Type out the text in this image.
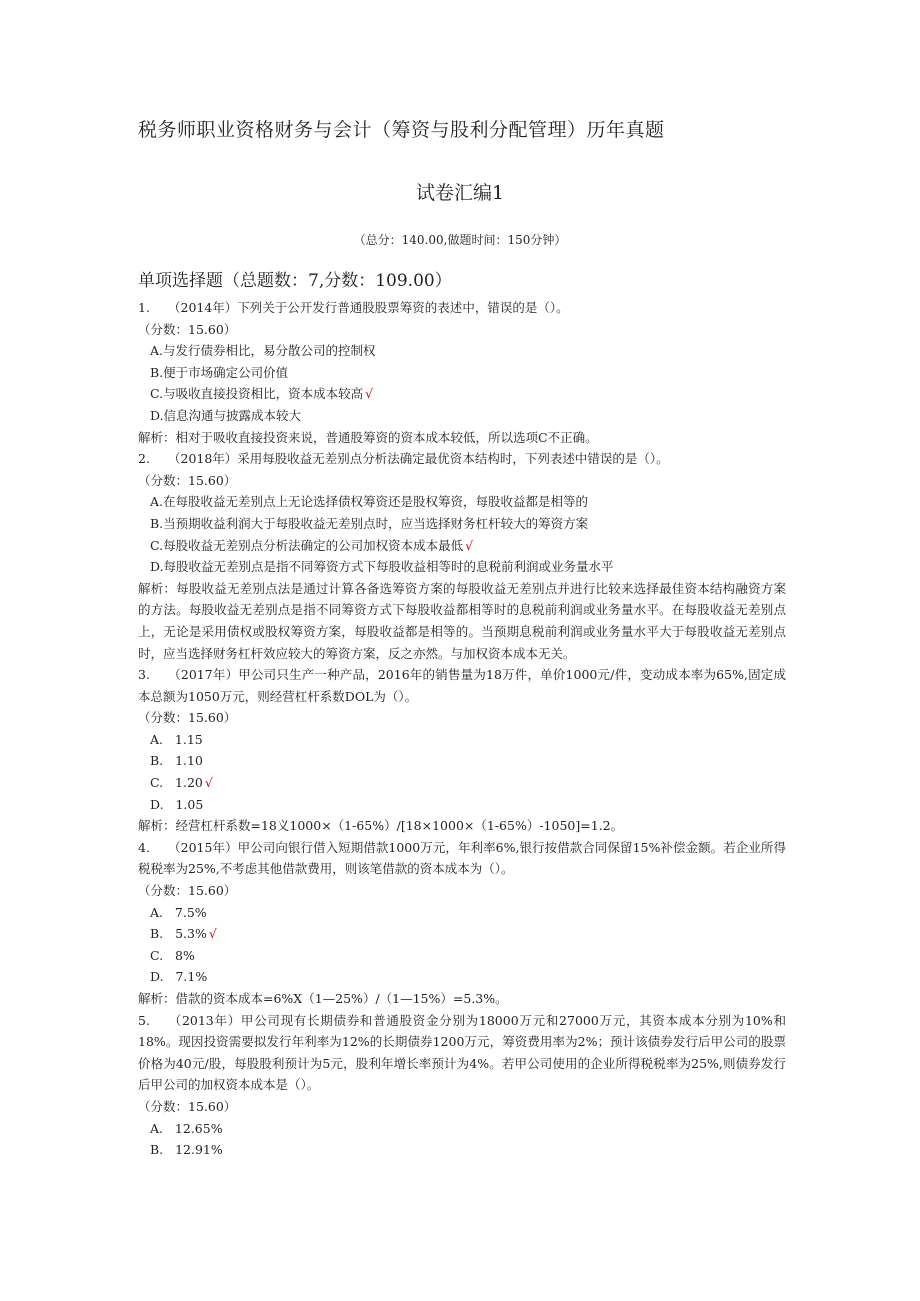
税务师职业资格财务与会计（筹资与股利分配管理）历年真题
试卷汇编1
（总分：140.00,做题时间：150分钟）
单项选择题（总题数：7,分数：109.00）
1. （2014年）下列关于公开发行普通股股票筹资的表述中，错误的是（）。
（分数：15.60）
A.与发行债券相比，易分散公司的控制权
B.便于市场确定公司价值
C.与吸收直接投资相比，资本成本较高 √
D.信息沟通与披露成本较大
解析：相对于吸收直接投资来说，普通股筹资的资本成本较低，所以选项C不正确。
2. （2018年）采用每股收益无差别点分析法确定最优资本结构时，下列表述中错误的是（）。
（分数：15.60）
A.在每股收益无差别点上无论选择债权筹资还是股权筹资，每股收益都是相等的
B.当预期收益利润大于每股收益无差别点时，应当选择财务杠杆较大的筹资方案
C.每股收益无差别点分析法确定的公司加权资本成本最低 √
D.每股收益无差别点是指不同筹资方式下每股收益相等时的息税前利润或业务量水平
解析：每股收益无差别点法是通过计算各备选筹资方案的每股收益无差别点并进行比较来选择最佳资本结构融资方案的方法。每股收益无差别点是指不同筹资方式下每股收益都相等时的息税前利润或业务量水平。在每股收益无差别点上，无论是采用债权或股权筹资方案，每股收益都是相等的。当预期息税前利润或业务量水平大于每股收益无差别点时，应当选择财务杠杆效应较大的筹资方案，反之亦然。与加权资本成本无关。
3. （2017年）甲公司只生产一种产品，2016年的销售量为18万件，单价1000元/件，变动成本率为65%,固定成本总额为1050万元，则经营杠杆系数DOL为（）。
（分数：15.60）
A.   1.15
B.   1.10
C.   1.20 √
D.   1.05
解析：经营杠杆系数=18义1000×（1-65%）/[18×1000×（1-65%）-1050]=1.2。
4. （2015年）甲公司向银行借入短期借款1000万元，年利率6%,银行按借款合同保留15%补偿金额。若企业所得税税率为25%,不考虑其他借款费用，则该笔借款的资本成本为（）。
（分数：15.60）
A.   7.5%
B.   5.3% √
C.   8%
D.   7.1%
解析：借款的资本成本=6%X（1—25%）/（1—15%）=5.3%。
5. （2013年）甲公司现有长期债券和普通股资金分别为18000万元和27000万元，其资本成本分别为10%和18%。现因投资需要拟发行年利率为12%的长期债券1200万元，筹资费用率为2%；预计该债券发行后甲公司的股票价格为40元/股，每股股利预计为5元，股利年增长率预计为4%。若甲公司使用的企业所得税税率为25%,则债券发行后甲公司的加权资本成本是（）。
（分数：15.60）
A.   12.65%
B.   12.91%
